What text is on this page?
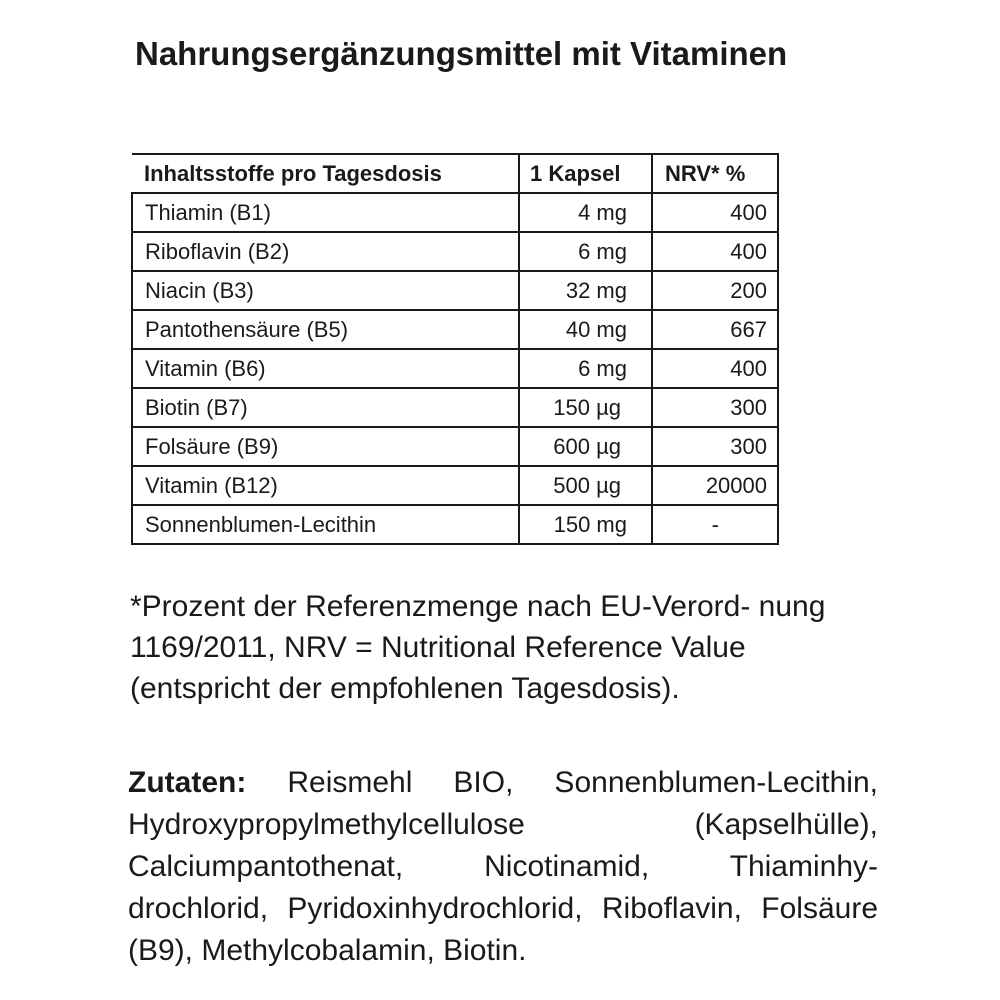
Nahrungsergänzungsmittel mit Vitaminen
Inhaltsstoffe pro Tagesdosis	1 Kapsel	NRV* %
Thiamin (B1)	4 mg	400
Riboflavin (B2)	6 mg	400
Niacin (B3)	32 mg	200
Pantothensäure (B5)	40 mg	667
Vitamin (B6)	6 mg	400
Biotin (B7)	150 µg	300
Folsäure (B9)	600 µg	300
Vitamin (B12)	500 µg	20000
Sonnenblumen-Lecithin	150 mg	-

*Prozent der Referenzmenge nach EU-Verord- nung 1169/2011, NRV = Nutritional Reference Value (entspricht der empfohlenen Tagesdosis).

Zutaten: Reismehl BIO, Sonnenblumen-Lecithin, Hydroxypropylmethylcellulose (Kapselhülle), Calciumpantothenat, Nicotinamid, Thiaminhy- drochlorid, Pyridoxinhydrochlorid, Riboflavin, Folsäure (B9), Methylcobalamin, Biotin.
